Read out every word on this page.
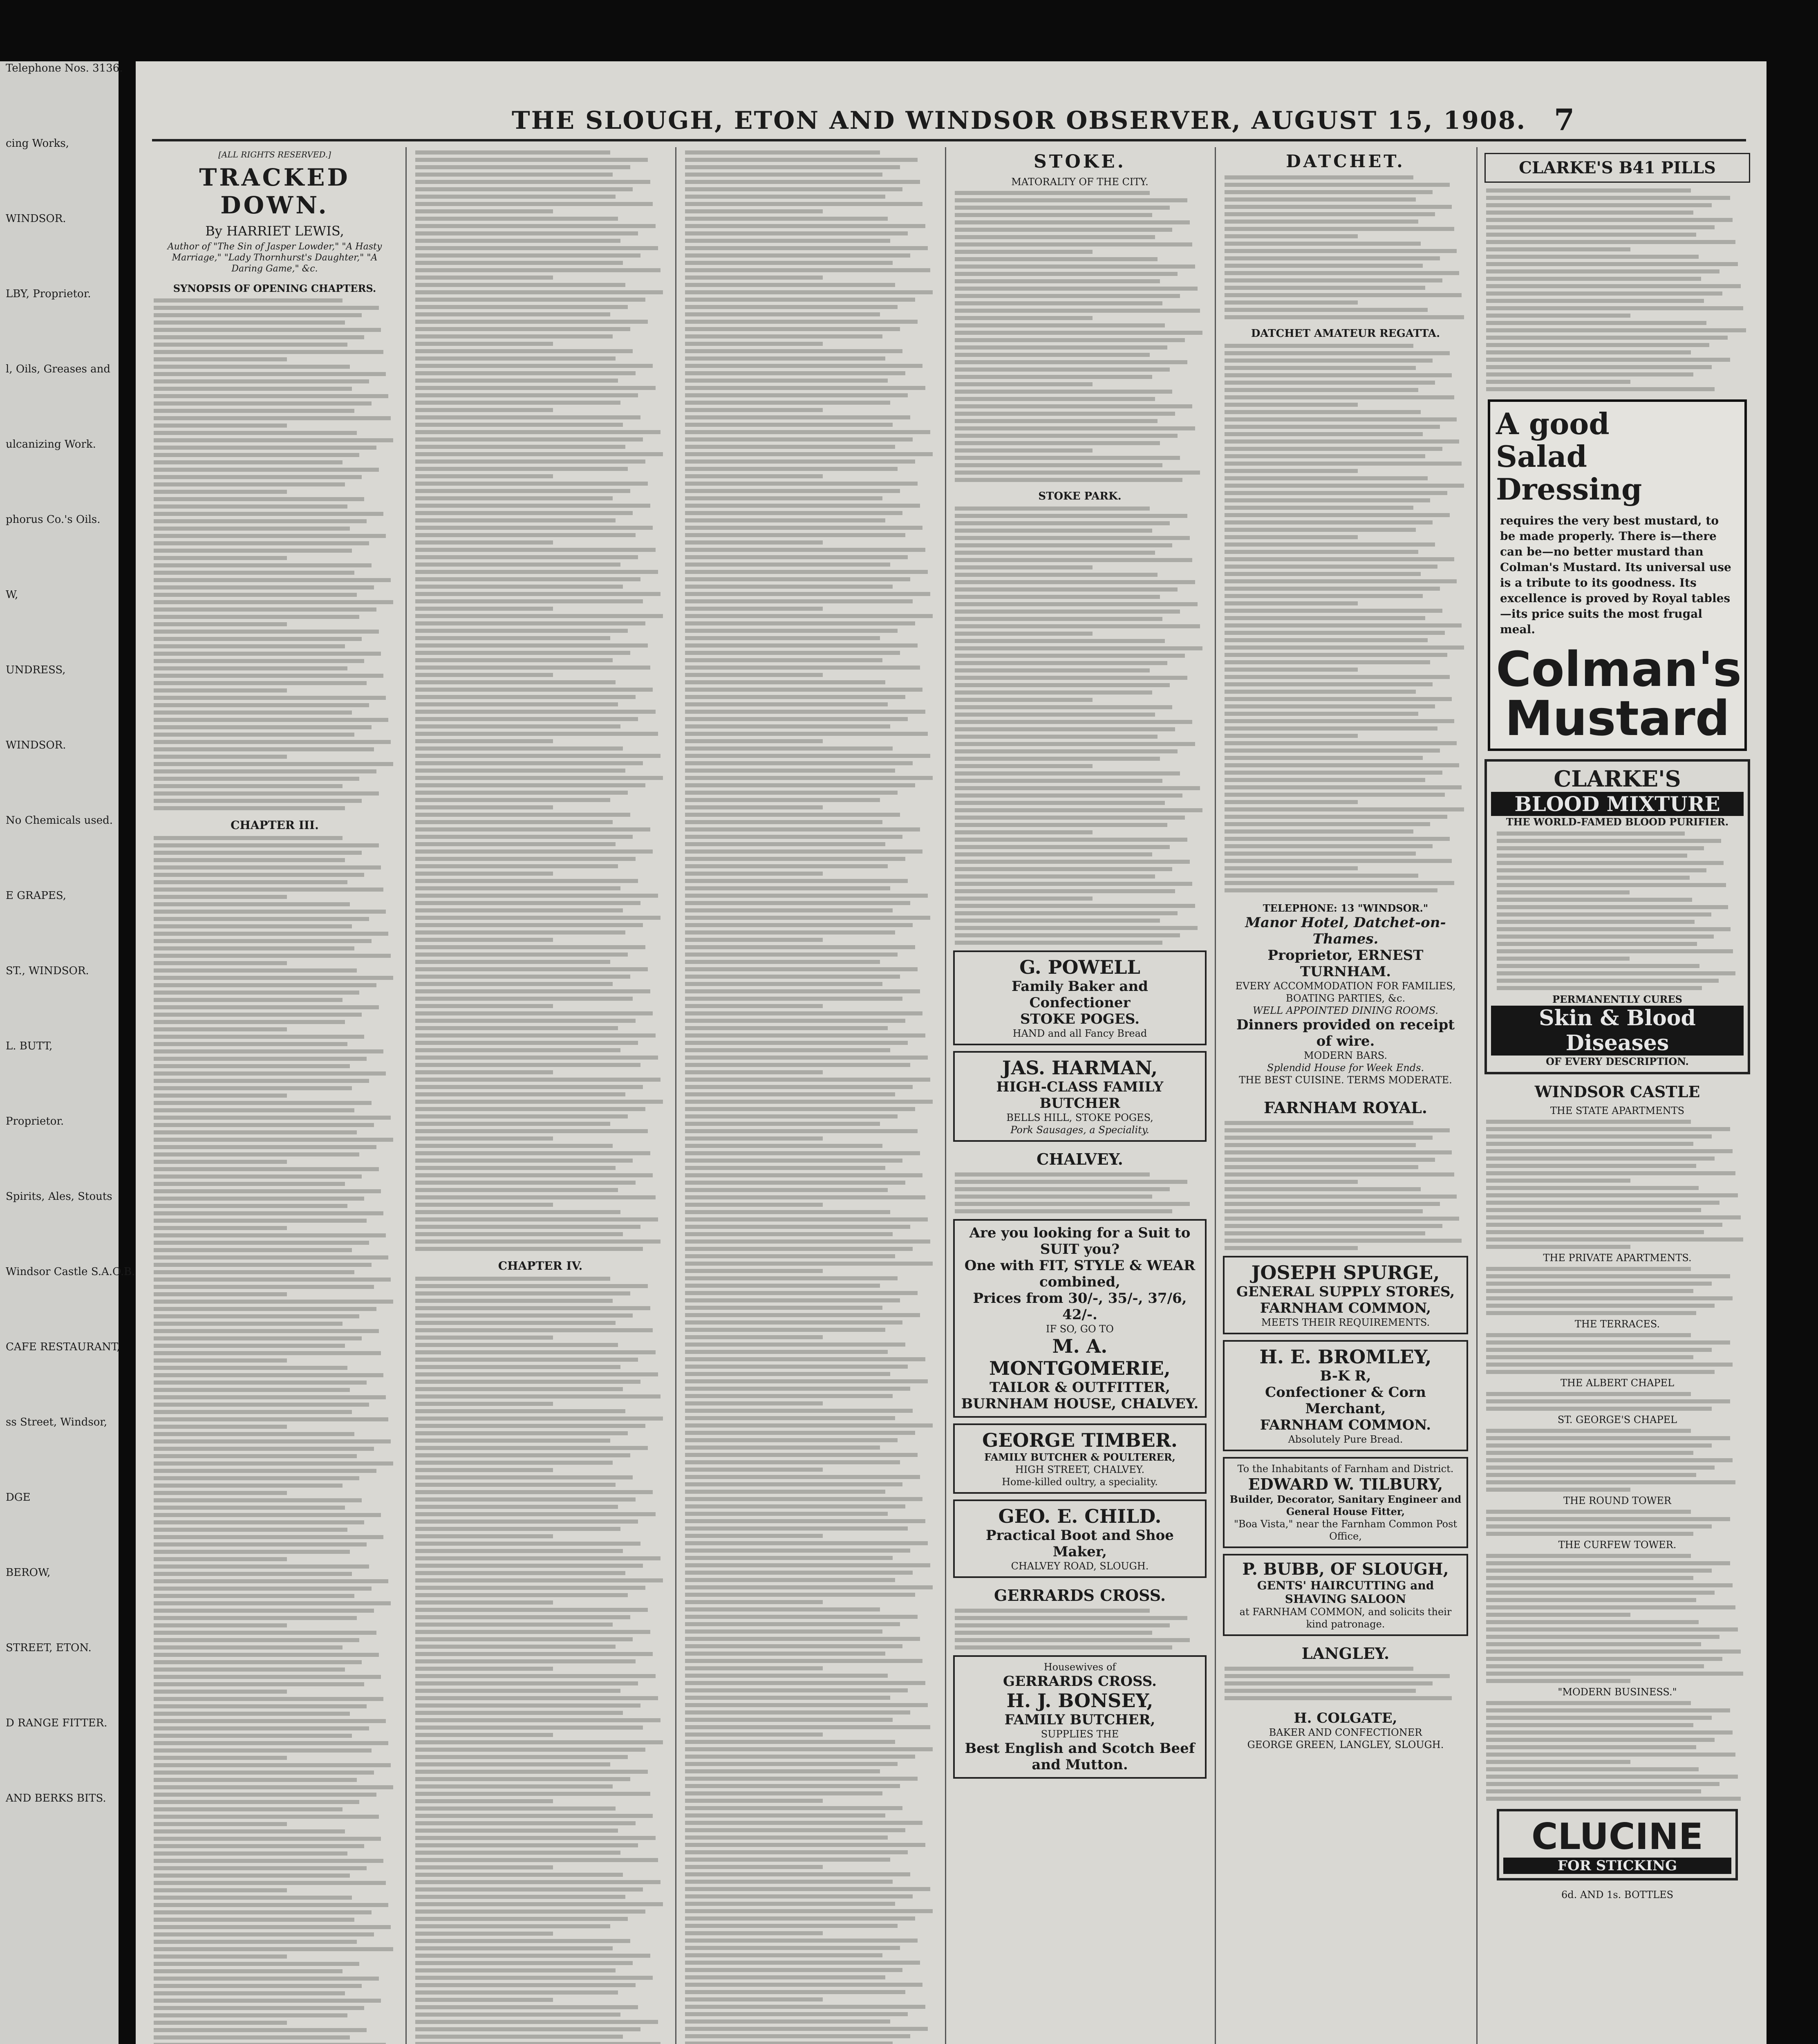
Telephone Nos. 3136.
cing Works,
WINDSOR.
LBY, Proprietor.
l, Oils, Greases and
ulcanizing Work.
phorus Co.'s Oils.
W,
UNDRESS,
WINDSOR.
No Chemicals used.
E GRAPES,
ST., WINDSOR.
L. BUTT,
Proprietor.
Spirits, Ales, Stouts
Windsor Castle S.A.O.B.
CAFE RESTAURANT,
ss Street, Windsor,
DGE
BEROW,
STREET, ETON.
D RANGE FITTER.
AND BERKS BITS.
THE SLOUGH, ETON AND WINDSOR OBSERVER, AUGUST 15, 1908. 7
[ALL RIGHTS RESERVED.]
TRACKED DOWN.
By HARRIET LEWIS,
Author of "The Sin of Jasper Lowder," "A Hasty Marriage," "Lady Thornhurst's Daughter," "A Daring Game," &c.
SYNOPSIS OF OPENING CHAPTERS.
CHAPTER III.
CHAPTER IV.
STOKE.
MATORALTY OF THE CITY.
STOKE PARK.
G. POWELL
Family Baker and Confectioner
STOKE POGES.
HAND and all Fancy Bread
JAS. HARMAN,
HIGH-CLASS FAMILY BUTCHER
BELLS HILL, STOKE POGES,
Pork Sausages, a Speciality.
CHALVEY.
Are you looking for a Suit to SUIT you?
One with FIT, STYLE & WEAR combined,
Prices from 30/-, 35/-, 37/6, 42/-.
IF SO, GO TO
M. A. MONTGOMERIE,
TAILOR & OUTFITTER,
BURNHAM HOUSE, CHALVEY.
GEORGE TIMBER.
FAMILY BUTCHER & POULTERER,
HIGH STREET, CHALVEY.
Home-killed oultry, a speciality.
GEO. E. CHILD.
Practical Boot and Shoe Maker,
CHALVEY ROAD, SLOUGH.
GERRARDS CROSS.
Housewives of
GERRARDS CROSS.
H. J. BONSEY,
FAMILY BUTCHER,
SUPPLIES THE
Best English and Scotch Beef and Mutton.
DATCHET.
DATCHET AMATEUR REGATTA.
TELEPHONE: 13 "WINDSOR."
Manor Hotel, Datchet-on-Thames.
Proprietor, ERNEST TURNHAM.
EVERY ACCOMMODATION FOR FAMILIES,
BOATING PARTIES, &c.
WELL APPOINTED DINING ROOMS.
Dinners provided on receipt of wire.
MODERN BARS.
Splendid House for Week Ends.
THE BEST CUISINE. TERMS MODERATE.
FARNHAM ROYAL.
JOSEPH SPURGE,
GENERAL SUPPLY STORES,
FARNHAM COMMON,
MEETS THEIR REQUIREMENTS.
H. E. BROMLEY,
B-K R,
Confectioner & Corn Merchant,
FARNHAM COMMON.
Absolutely Pure Bread.
To the Inhabitants of Farnham and District.
EDWARD W. TILBURY,
Builder, Decorator, Sanitary Engineer and General House Fitter,
"Boa Vista," near the Farnham Common Post Office,
P. BUBB, OF SLOUGH,
GENTS' HAIRCUTTING and SHAVING SALOON
at FARNHAM COMMON, and solicits their kind patronage.
LANGLEY.
H. COLGATE,
BAKER AND CONFECTIONER
GEORGE GREEN, LANGLEY, SLOUGH.
CLARKE'S B41 PILLS
A good
Salad
Dressing
requires the very best mustard, to be made properly. There is—there can be—no better mustard than Colman's Mustard. Its universal use is a tribute to its goodness. Its excellence is proved by Royal tables—its price suits the most frugal meal.
Colman's
Mustard
CLARKE'S
BLOOD MIXTURE
THE WORLD-FAMED BLOOD PURIFIER.
PERMANENTLY CURES
Skin & Blood Diseases
OF EVERY DESCRIPTION.
WINDSOR CASTLE
THE STATE APARTMENTS
THE PRIVATE APARTMENTS.
THE TERRACES.
THE ALBERT CHAPEL
ST. GEORGE'S CHAPEL
THE ROUND TOWER
THE CURFEW TOWER.
"MODERN BUSINESS."
CLUCINE
FOR STICKING
6d. AND 1s. BOTTLES
